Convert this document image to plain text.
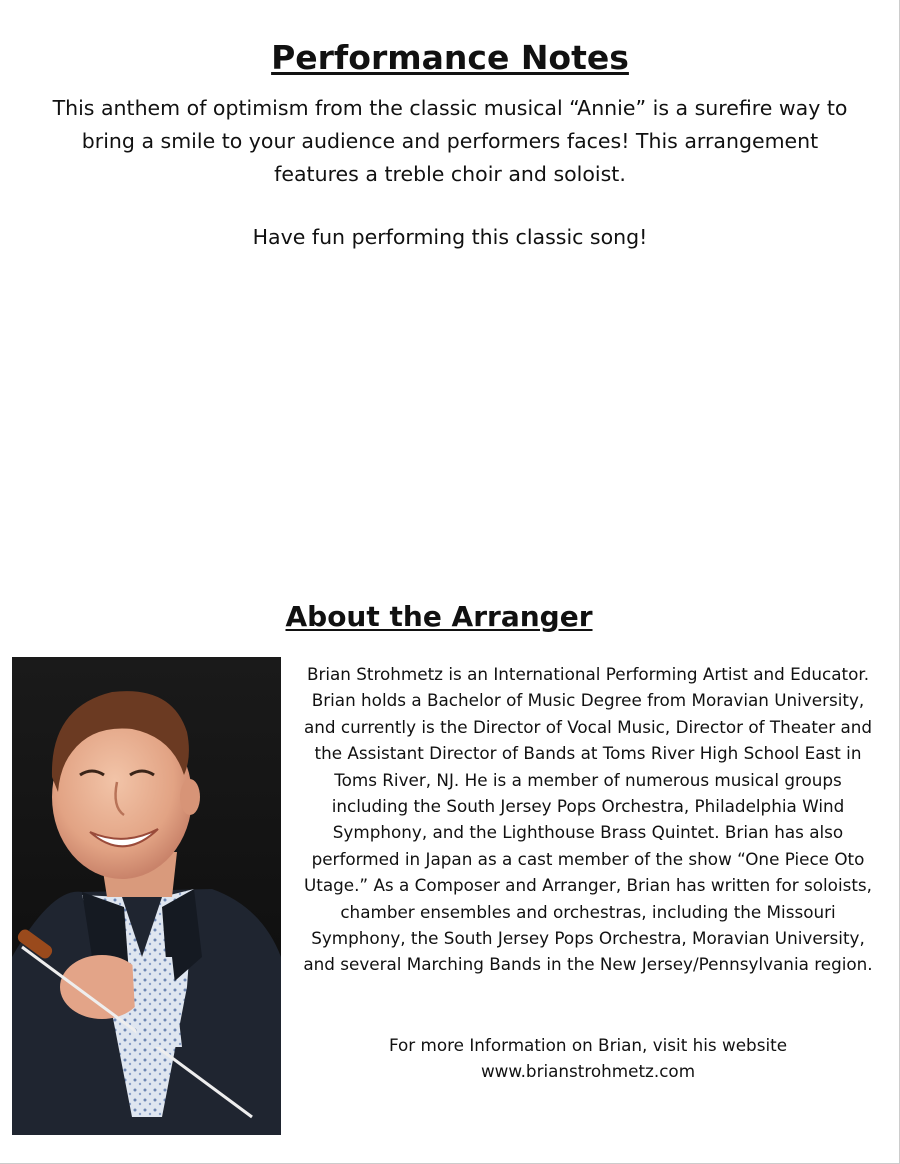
Performance Notes

This anthem of optimism from the classic musical “Annie” is a surefire way to bring a smile to your audience and performers faces! This arrangement features a treble choir and soloist.

Have fun performing this classic song!

About the Arranger

Brian Strohmetz is an International Performing Artist and Educator. Brian holds a Bachelor of Music Degree from Moravian University, and currently is the Director of Vocal Music, Director of Theater and the Assistant Director of Bands at Toms River High School East in Toms River, NJ. He is a member of numerous musical groups including the South Jersey Pops Orchestra, Philadelphia Wind Symphony, and the Lighthouse Brass Quintet. Brian has also performed in Japan as a cast member of the show “One Piece Oto Utage.” As a Composer and Arranger, Brian has written for soloists, chamber ensembles and orchestras, including the Missouri Symphony, the South Jersey Pops Orchestra, Moravian University, and several Marching Bands in the New Jersey/Pennsylvania region.

For more Information on Brian, visit his website
www.brianstrohmetz.com
